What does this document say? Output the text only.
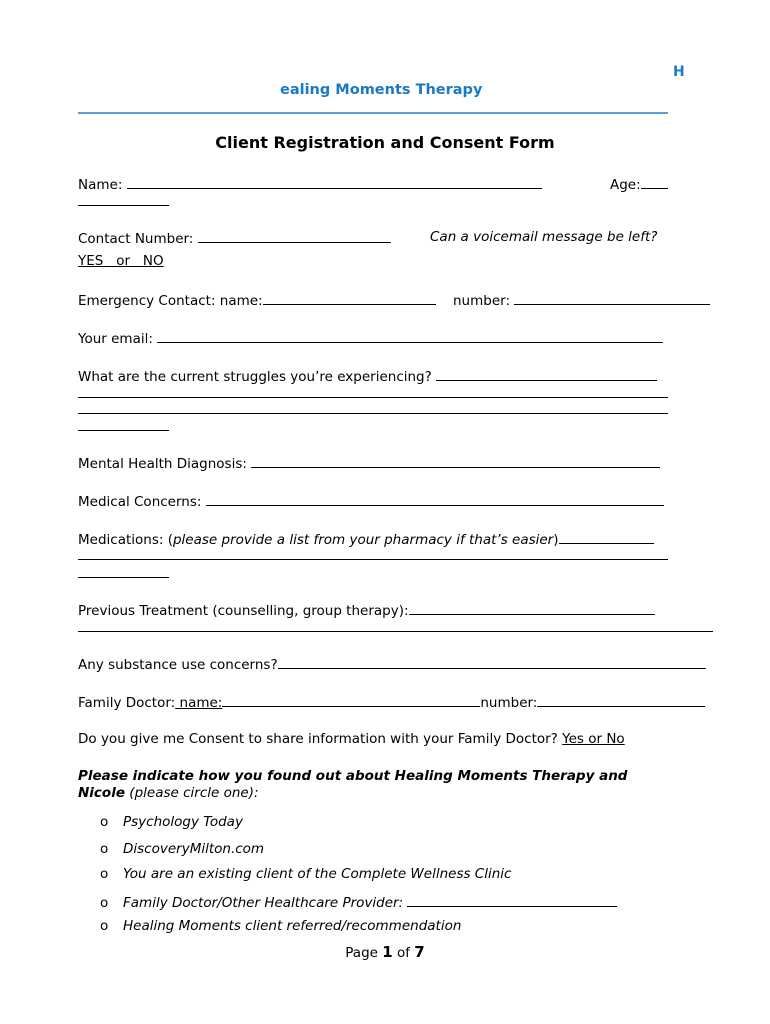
H
ealing Moments Therapy
Client Registration and Consent Form
Name:	Age:
Contact Number:	Can a voicemail message be left?
YES or NO
Emergency Contact: name:	number:
Your email:
What are the current struggles you’re experiencing?
Mental Health Diagnosis:
Medical Concerns:
Medications: (please provide a list from your pharmacy if that’s easier)
Previous Treatment (counselling, group therapy):
Any substance use concerns?
Family Doctor: name:	number:
Do you give me Consent to share information with your Family Doctor? Yes or No
Please indicate how you found out about Healing Moments Therapy and
Nicole (please circle one):
o Psychology Today
o DiscoveryMilton.com
o You are an existing client of the Complete Wellness Clinic
o Family Doctor/Other Healthcare Provider:
o Healing Moments client referred/recommendation
Page 1 of 7
